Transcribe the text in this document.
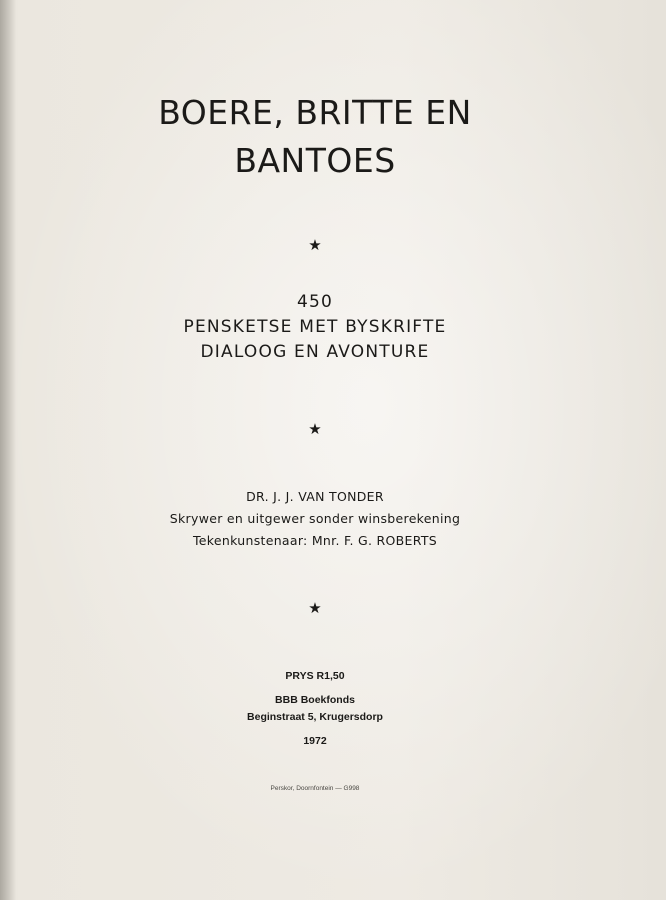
BOERE, BRITTE EN
BANTOES
★
450
PENSKETSE MET BYSKRIFTE
DIALOOG EN AVONTURE
★
DR. J. J. VAN TONDER
Skrywer en uitgewer sonder winsberekening
Tekenkunstenaar: Mnr. F. G. ROBERTS
★
PRYS R1,50
BBB Boekfonds
Beginstraat 5, Krugersdorp
1972
Perskor, Doornfontein — G998
